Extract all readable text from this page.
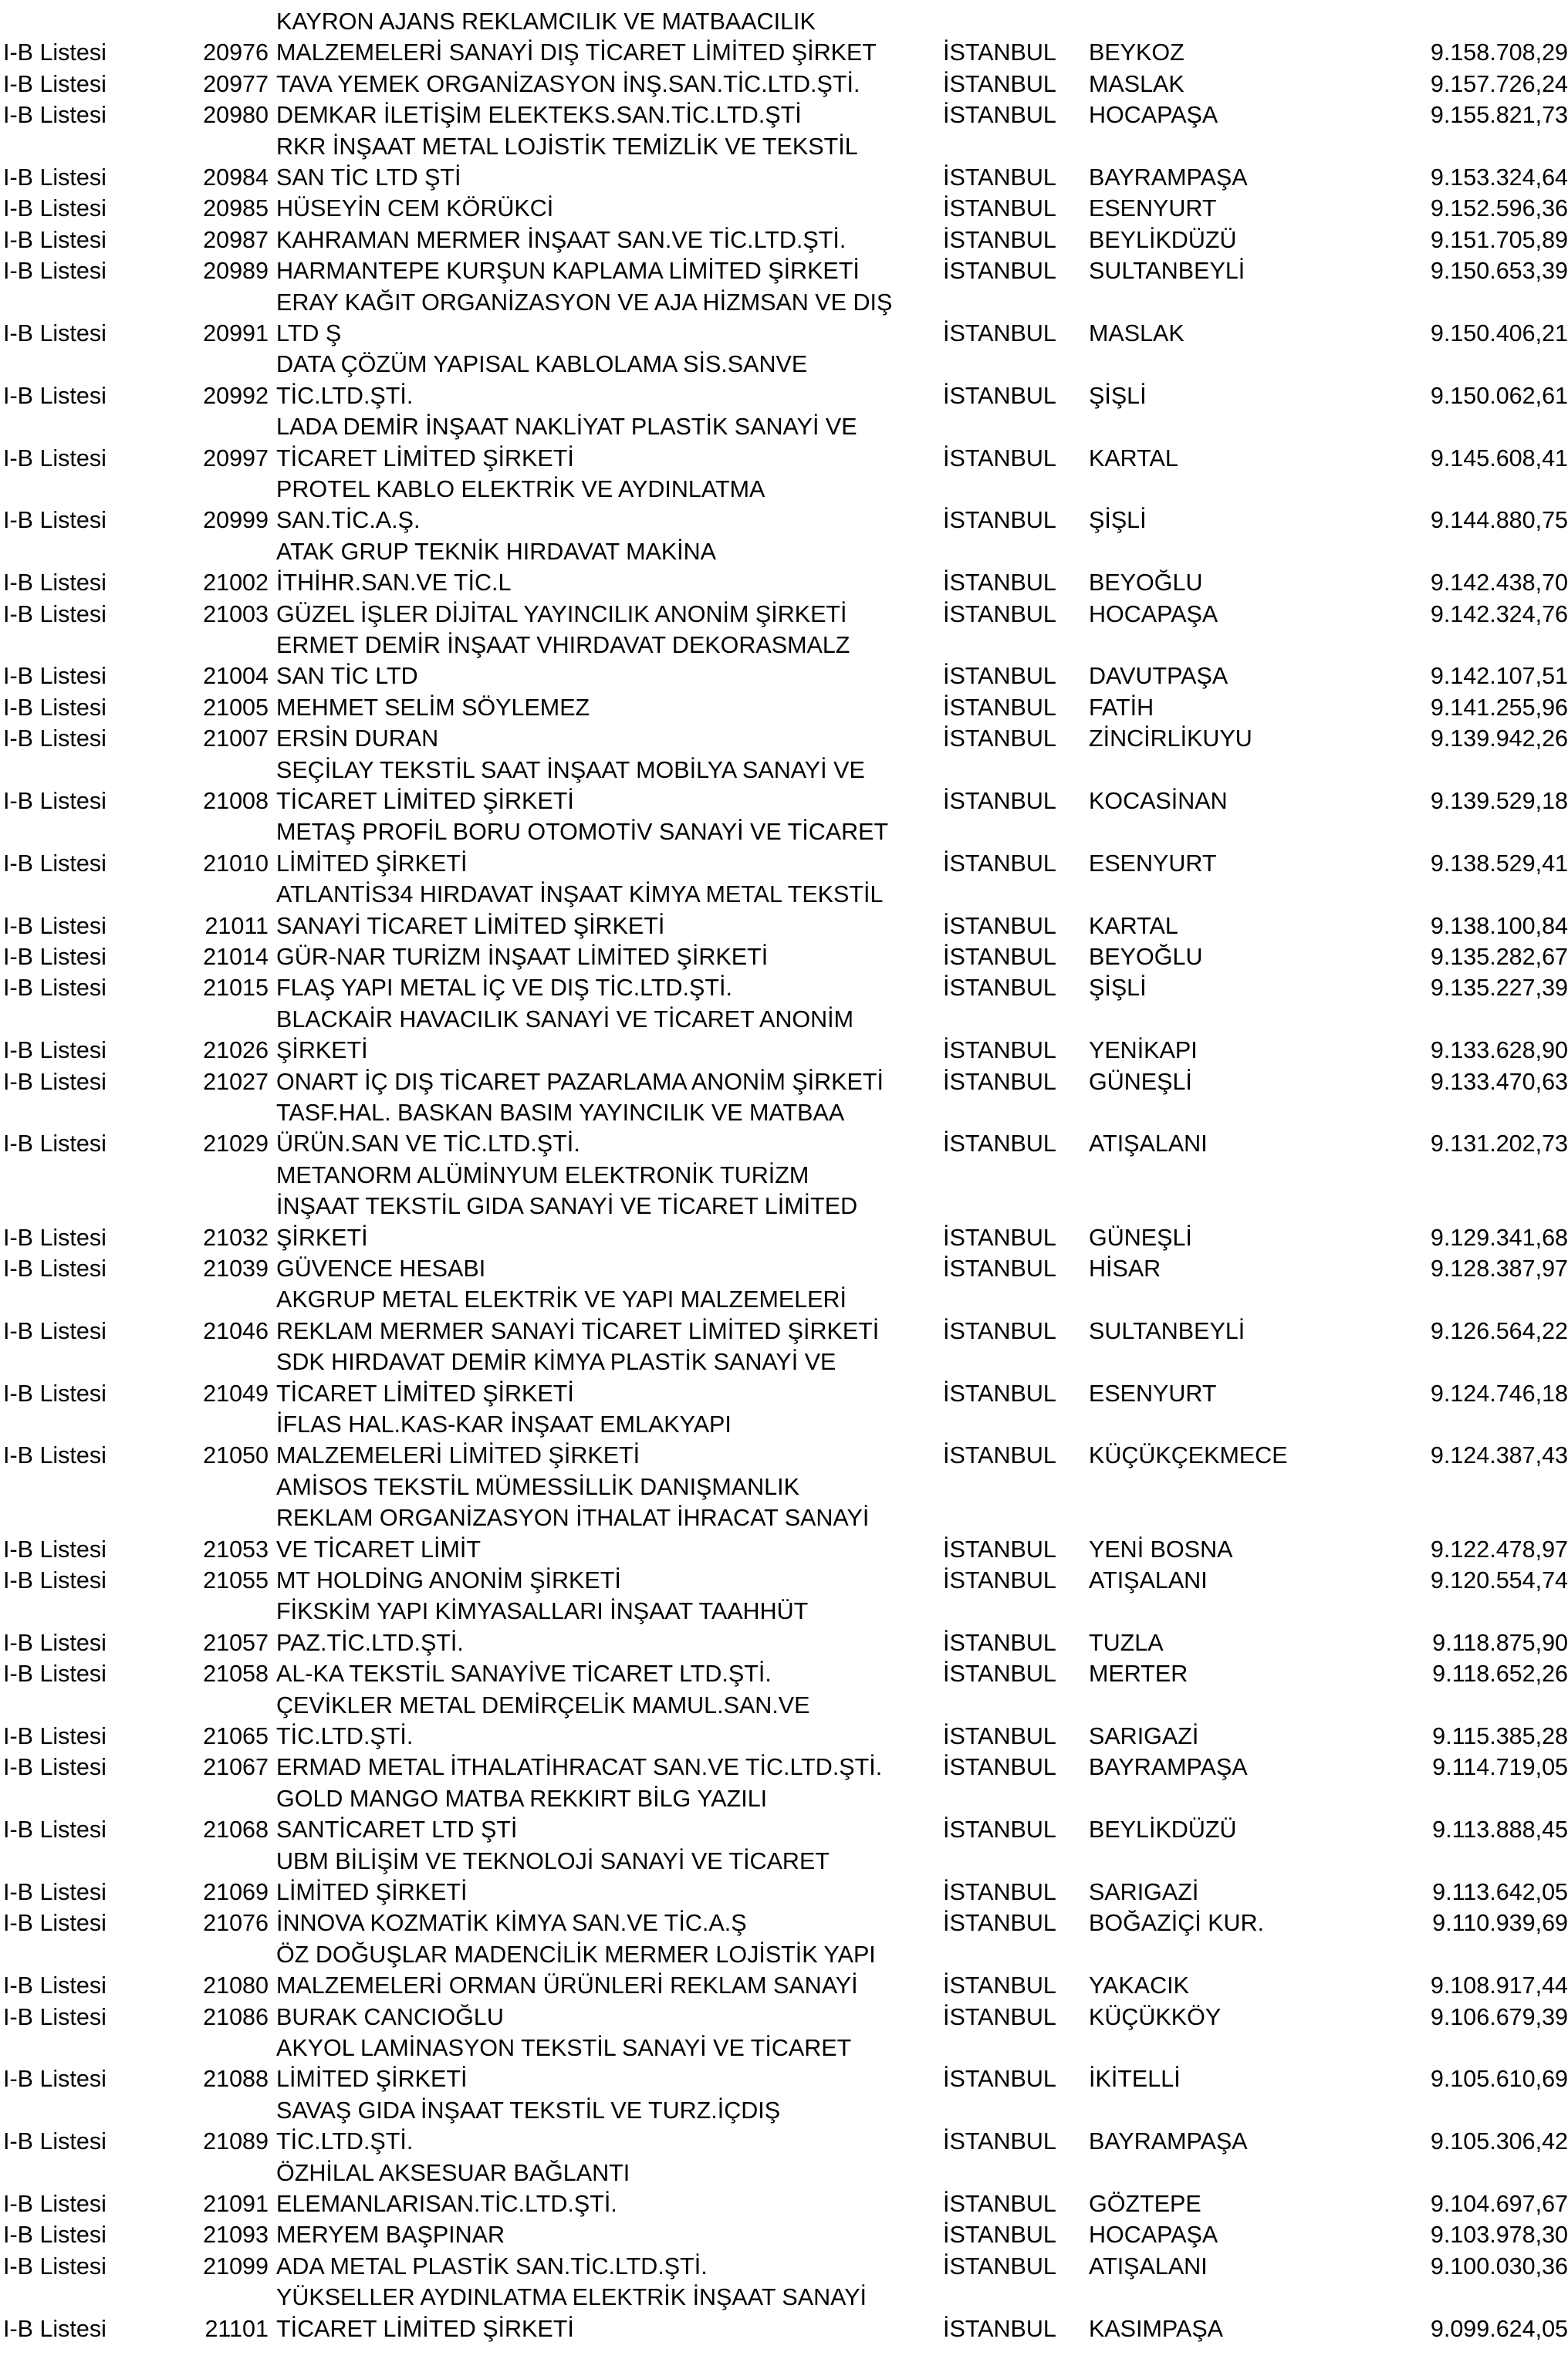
KAYRON AJANS REKLAMCILIK VE MATBAACILIK
I-B Listesi	20976 MALZEMELERİ SANAYİ DIŞ TİCARET LİMİTED ŞİRKET	İSTANBUL BEYKOZ	9.158.708,29
I-B Listesi	20977 TAVA YEMEK ORGANİZASYON İNŞ.SAN.TİC.LTD.ŞTİ.	İSTANBUL MASLAK	9.157.726,24
I-B Listesi	20980 DEMKAR İLETİŞİM ELEKTEKS.SAN.TİC.LTD.ŞTİ	İSTANBUL HOCAPAŞA	9.155.821,73
RKR İNŞAAT METAL LOJİSTİK TEMİZLİK VE TEKSTİL
I-B Listesi	20984 SAN TİC LTD ŞTİ	İSTANBUL BAYRAMPAŞA	9.153.324,64
I-B Listesi	20985 HÜSEYİN CEM KÖRÜKCİ	İSTANBUL ESENYURT	9.152.596,36
I-B Listesi	20987 KAHRAMAN MERMER İNŞAAT SAN.VE TİC.LTD.ŞTİ.	İSTANBUL BEYLİKDÜZÜ	9.151.705,89
I-B Listesi	20989 HARMANTEPE KURŞUN KAPLAMA LİMİTED ŞİRKETİ	İSTANBUL SULTANBEYLİ	9.150.653,39
ERAY KAĞIT ORGANİZASYON VE AJA HİZMSAN VE DIŞ
I-B Listesi	20991 LTD Ş	İSTANBUL MASLAK	9.150.406,21
DATA ÇÖZÜM YAPISAL KABLOLAMA SİS.SANVE
I-B Listesi	20992 TİC.LTD.ŞTİ.	İSTANBUL ŞİŞLİ	9.150.062,61
LADA DEMİR İNŞAAT NAKLİYAT PLASTİK SANAYİ VE
I-B Listesi	20997 TİCARET LİMİTED ŞİRKETİ	İSTANBUL KARTAL	9.145.608,41
PROTEL KABLO ELEKTRİK VE AYDINLATMA
I-B Listesi	20999 SAN.TİC.A.Ş.	İSTANBUL ŞİŞLİ	9.144.880,75
ATAK GRUP TEKNİK HIRDAVAT MAKİNA
I-B Listesi	21002 İTHİHR.SAN.VE TİC.L	İSTANBUL BEYOĞLU	9.142.438,70
I-B Listesi	21003 GÜZEL İŞLER DİJİTAL YAYINCILIK ANONİM ŞİRKETİ	İSTANBUL HOCAPAŞA	9.142.324,76
ERMET DEMİR İNŞAAT VHIRDAVAT DEKORASMALZ
I-B Listesi	21004 SAN TİC LTD	İSTANBUL DAVUTPAŞA	9.142.107,51
I-B Listesi	21005 MEHMET SELİM SÖYLEMEZ	İSTANBUL FATİH	9.141.255,96
I-B Listesi	21007 ERSİN DURAN	İSTANBUL ZİNCİRLİKUYU	9.139.942,26
SEÇİLAY TEKSTİL SAAT İNŞAAT MOBİLYA SANAYİ VE
I-B Listesi	21008 TİCARET LİMİTED ŞİRKETİ	İSTANBUL KOCASİNAN	9.139.529,18
METAŞ PROFİL BORU OTOMOTİV SANAYİ VE TİCARET
I-B Listesi	21010 LİMİTED ŞİRKETİ	İSTANBUL ESENYURT	9.138.529,41
ATLANTİS34 HIRDAVAT İNŞAAT KİMYA METAL TEKSTİL
I-B Listesi	21011 SANAYİ TİCARET LİMİTED ŞİRKETİ	İSTANBUL KARTAL	9.138.100,84
I-B Listesi	21014 GÜR-NAR TURİZM İNŞAAT LİMİTED ŞİRKETİ	İSTANBUL BEYOĞLU	9.135.282,67
I-B Listesi	21015 FLAŞ YAPI METAL İÇ VE DIŞ TİC.LTD.ŞTİ.	İSTANBUL ŞİŞLİ	9.135.227,39
BLACKAİR HAVACILIK SANAYİ VE TİCARET ANONİM
I-B Listesi	21026 ŞİRKETİ	İSTANBUL YENİKAPI	9.133.628,90
I-B Listesi	21027 ONART İÇ DIŞ TİCARET PAZARLAMA ANONİM ŞİRKETİ	İSTANBUL GÜNEŞLİ	9.133.470,63
TASF.HAL. BASKAN BASIM YAYINCILIK VE MATBAA
I-B Listesi	21029 ÜRÜN.SAN VE TİC.LTD.ŞTİ.	İSTANBUL ATIŞALANI	9.131.202,73
METANORM ALÜMİNYUM ELEKTRONİK TURİZM
İNŞAAT TEKSTİL GIDA SANAYİ VE TİCARET LİMİTED
I-B Listesi	21032 ŞİRKETİ	İSTANBUL GÜNEŞLİ	9.129.341,68
I-B Listesi	21039 GÜVENCE HESABI	İSTANBUL HİSAR	9.128.387,97
AKGRUP METAL ELEKTRİK VE YAPI MALZEMELERİ
I-B Listesi	21046 REKLAM MERMER SANAYİ TİCARET LİMİTED ŞİRKETİ	İSTANBUL SULTANBEYLİ	9.126.564,22
SDK HIRDAVAT DEMİR KİMYA PLASTİK SANAYİ VE
I-B Listesi	21049 TİCARET LİMİTED ŞİRKETİ	İSTANBUL ESENYURT	9.124.746,18
İFLAS HAL.KAS-KAR İNŞAAT EMLAKYAPI
I-B Listesi	21050 MALZEMELERİ LİMİTED ŞİRKETİ	İSTANBUL KÜÇÜKÇEKMECE	9.124.387,43
AMİSOS TEKSTİL MÜMESSİLLİK DANIŞMANLIK
REKLAM ORGANİZASYON İTHALAT İHRACAT SANAYİ
I-B Listesi	21053 VE TİCARET LİMİT	İSTANBUL YENİ BOSNA	9.122.478,97
I-B Listesi	21055 MT HOLDİNG ANONİM ŞİRKETİ	İSTANBUL ATIŞALANI	9.120.554,74
FİKSKİM YAPI KİMYASALLARI İNŞAAT TAAHHÜT
I-B Listesi	21057 PAZ.TİC.LTD.ŞTİ.	İSTANBUL TUZLA	9.118.875,90
I-B Listesi	21058 AL-KA TEKSTİL SANAYİVE TİCARET LTD.ŞTİ.	İSTANBUL MERTER	9.118.652,26
ÇEVİKLER METAL DEMİRÇELİK MAMUL.SAN.VE
I-B Listesi	21065 TİC.LTD.ŞTİ.	İSTANBUL SARIGAZİ	9.115.385,28
I-B Listesi	21067 ERMAD METAL İTHALATİHRACAT SAN.VE TİC.LTD.ŞTİ.	İSTANBUL BAYRAMPAŞA	9.114.719,05
GOLD MANGO MATBA REKKIRT BİLG YAZILI
I-B Listesi	21068 SANTİCARET LTD ŞTİ	İSTANBUL BEYLİKDÜZÜ	9.113.888,45
UBM BİLİŞİM VE TEKNOLOJİ SANAYİ VE TİCARET
I-B Listesi	21069 LİMİTED ŞİRKETİ	İSTANBUL SARIGAZİ	9.113.642,05
I-B Listesi	21076 İNNOVA KOZMATİK KİMYA SAN.VE TİC.A.Ş	İSTANBUL BOĞAZİÇİ KUR.	9.110.939,69
ÖZ DOĞUŞLAR MADENCİLİK MERMER LOJİSTİK YAPI
I-B Listesi	21080 MALZEMELERİ ORMAN ÜRÜNLERİ REKLAM SANAYİ	İSTANBUL YAKACIK	9.108.917,44
I-B Listesi	21086 BURAK CANCIOĞLU	İSTANBUL KÜÇÜKKÖY	9.106.679,39
AKYOL LAMİNASYON TEKSTİL SANAYİ VE TİCARET
I-B Listesi	21088 LİMİTED ŞİRKETİ	İSTANBUL İKİTELLİ	9.105.610,69
SAVAŞ GIDA İNŞAAT TEKSTİL VE TURZ.İÇDIŞ
I-B Listesi	21089 TİC.LTD.ŞTİ.	İSTANBUL BAYRAMPAŞA	9.105.306,42
ÖZHİLAL AKSESUAR BAĞLANTI
I-B Listesi	21091 ELEMANLARISAN.TİC.LTD.ŞTİ.	İSTANBUL GÖZTEPE	9.104.697,67
I-B Listesi	21093 MERYEM BAŞPINAR	İSTANBUL HOCAPAŞA	9.103.978,30
I-B Listesi	21099 ADA METAL PLASTİK SAN.TİC.LTD.ŞTİ.	İSTANBUL ATIŞALANI	9.100.030,36
YÜKSELLER AYDINLATMA ELEKTRİK İNŞAAT SANAYİ
I-B Listesi	21101 TİCARET LİMİTED ŞİRKETİ	İSTANBUL KASIMPAŞA	9.099.624,05
